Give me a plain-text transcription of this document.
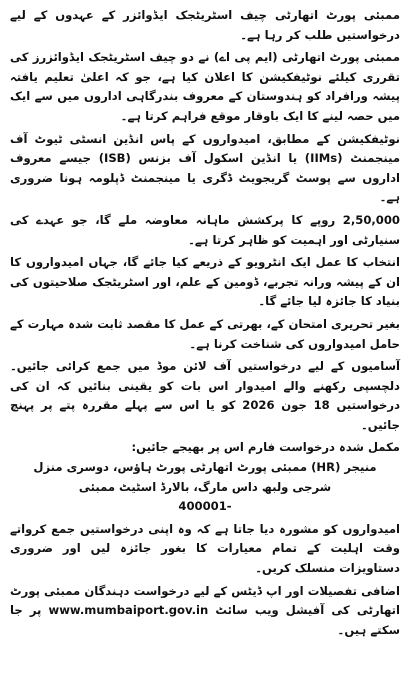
ممبئی پورٹ اتھارٹی چیف اسٹریٹجک ایڈوائزر کے عہدوں کے لیے درخواستیں طلب کر رہا ہے۔

ممبئی پورٹ اتھارٹی (ایم پی اے) نے دو چیف اسٹریٹجک ایڈوائزرز کی تقرری کیلئے نوٹیفکیشن کا اعلان کیا ہے، جو کہ اعلیٰ تعلیم یافتہ پیشہ ورافراد کو ہندوستان کے معروف بندرگاہی اداروں میں سے ایک میں حصہ لینے کا ایک باوقار موقع فراہم کرتا ہے۔

نوٹیفکیشن کے مطابق، امیدواروں کے پاس انڈین انسٹی ٹیوٹ آف مینجمنٹ (IIMs) یا انڈین اسکول آف بزنس (ISB) جیسے معروف اداروں سے پوسٹ گریجویٹ ڈگری یا مینجمنٹ ڈپلومہ ہونا ضروری ہے۔

2,50,000 روپے کا پرکشش ماہانہ معاوضہ ملے گا، جو عہدے کی سنیارٹی اور اہمیت کو ظاہر کرتا ہے۔

انتخاب کا عمل ایک انٹرویو کے ذریعے کیا جائے گا، جہاں امیدواروں کا ان کے پیشہ ورانہ تجربے، ڈومین کے علم، اور اسٹریٹجک صلاحیتوں کی بنیاد کا جائزہ لیا جائے گا۔

بغیر تحریری امتحان کے، بھرتی کے عمل کا مقصد ثابت شدہ مہارت کے حامل امیدواروں کی شناخت کرنا ہے۔

آسامیوں کے لیے درخواستیں آف لائن موڈ میں جمع کرائی جائیں۔ دلچسپی رکھنے والے امیدوار اس بات کو یقینی بنائیں کہ ان کی درخواستیں 18 جون 2026 کو یا اس سے پہلے مقررہ پتے پر پہنچ جائیں۔

مکمل شدہ درخواست فارم اس پر بھیجے جائیں:
منیجر (HR) ممبئی پورٹ اتھارٹی پورٹ ہاؤس، دوسری منزل
شرجی ولبھ داس مارگ، بالارڈ اسٹیٹ ممبئی
400001-

امیدواروں کو مشورہ دیا جاتا ہے کہ وہ اپنی درخواستیں جمع کرواتے وقت اہلیت کے تمام معیارات کا بغور جائزہ لیں اور ضروری دستاویزات منسلک کریں۔

اضافی تفصیلات اور اپ ڈیٹس کے لیے درخواست دہندگان ممبئی پورٹ اتھارٹی کی آفیشل ویب سائٹ www.mumbaiport.gov.in پر جا سکتے ہیں۔
